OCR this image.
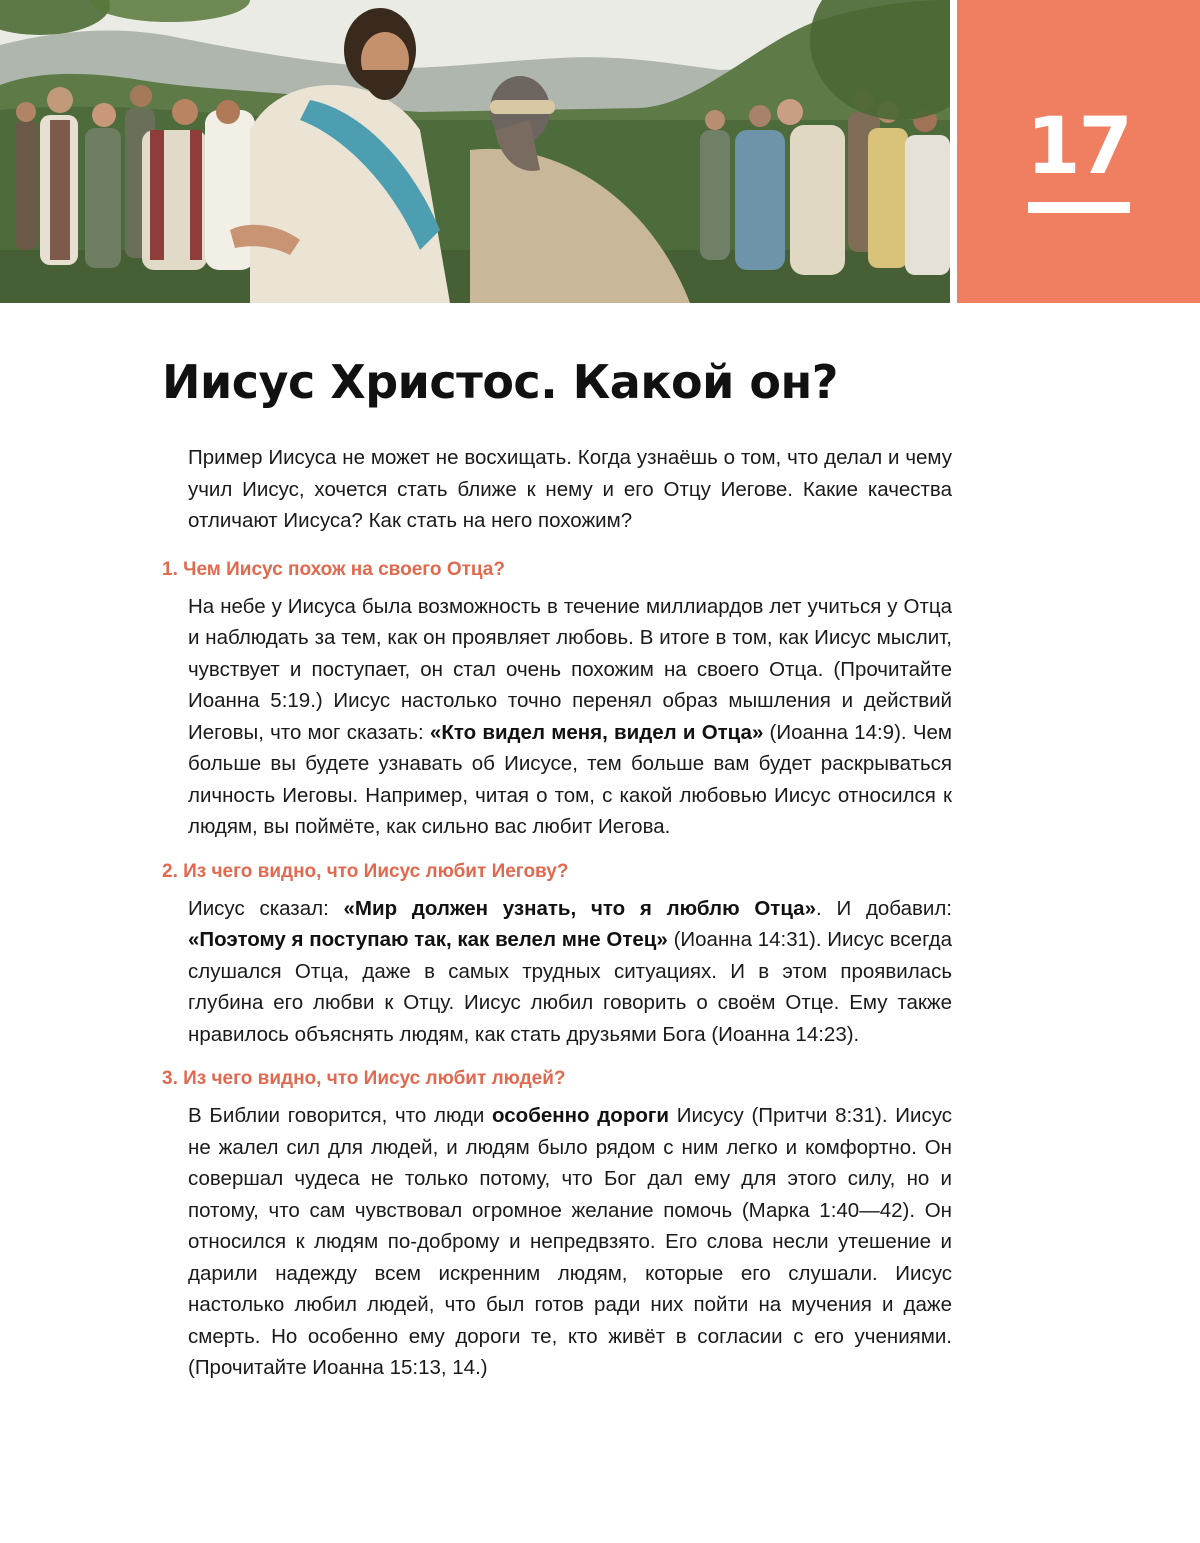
17
Иисус Христос. Какой он?

Пример Иисуса не может не восхищать. Когда узнаёшь о том, что делал и чему учил Иисус, хочется стать ближе к нему и его Отцу Иегове. Какие качества отличают Иисуса? Как стать на него похожим?

1. Чем Иисус похож на своего Отца?

На небе у Иисуса была возможность в течение миллиардов лет учиться у Отца и наблюдать за тем, как он проявляет любовь. В итоге в том, как Иисус мыслит, чувствует и поступает, он стал очень похожим на своего Отца. (Прочитайте Иоанна 5:19.) Иисус настолько точно перенял образ мышления и действий Иеговы, что мог сказать: «Кто видел меня, видел и Отца» (Иоанна 14:9). Чем больше вы будете узнавать об Иисусе, тем больше вам будет раскрываться личность Иеговы. Например, читая о том, с какой любовью Иисус относился к людям, вы поймёте, как сильно вас любит Иегова.

2. Из чего видно, что Иисус любит Иегову?

Иисус сказал: «Мир должен узнать, что я люблю Отца». И добавил: «Поэтому я поступаю так, как велел мне Отец» (Иоанна 14:31). Иисус всегда слушался Отца, даже в самых трудных ситуациях. И в этом проявилась глубина его любви к Отцу. Иисус любил говорить о своём Отце. Ему также нравилось объяснять людям, как стать друзьями Бога (Иоанна 14:23).

3. Из чего видно, что Иисус любит людей?

В Библии говорится, что люди особенно дороги Иисусу (Притчи 8:31). Иисус не жалел сил для людей, и людям было рядом с ним легко и комфортно. Он совершал чудеса не только потому, что Бог дал ему для этого силу, но и потому, что сам чувствовал огромное желание помочь (Марка 1:40—42). Он относился к людям по-доброму и непредвзято. Его слова несли утешение и дарили надежду всем искренним людям, которые его слушали. Иисус настолько любил людей, что был готов ради них пойти на мучения и даже смерть. Но особенно ему дороги те, кто живёт в согласии с его учениями. (Прочитайте Иоанна 15:13, 14.)
